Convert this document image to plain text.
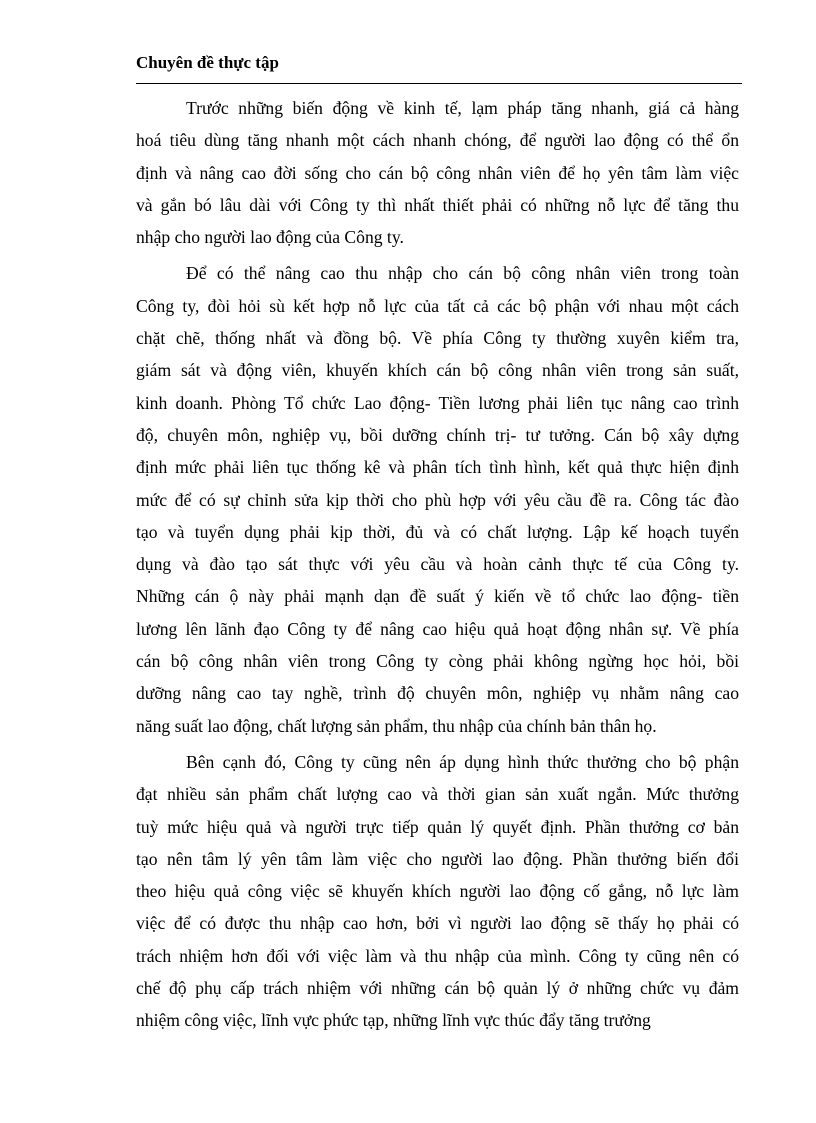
Chuyên đề thực tập
Trước những biến động về kinh tế, lạm pháp tăng nhanh, giá cả hàng
hoá tiêu dùng tăng nhanh một cách nhanh chóng, để người lao động có thể ổn
định và nâng cao đời sống cho cán bộ công nhân viên để họ yên tâm làm việc
và gắn bó lâu dài với Công ty thì nhất thiết phải có những nỗ lực để tăng thu
nhập cho người lao động của Công ty.
Để có thể nâng cao thu nhập cho cán bộ công nhân viên trong toàn
Công ty, đòi hỏi sù kết hợp nỗ lực của tất cả các bộ phận với nhau một cách
chặt chẽ, thống nhất và đồng bộ. Về phía Công ty thường xuyên kiểm tra,
giám sát và động viên, khuyến khích cán bộ công nhân viên trong sản suất,
kinh doanh. Phòng Tổ chức Lao động- Tiền lương phải liên tục nâng cao trình
độ, chuyên môn, nghiệp vụ, bồi dưỡng chính trị- tư tưởng. Cán bộ xây dựng
định mức phải liên tục thống kê và phân tích tình hình, kết quả thực hiện định
mức để có sự chỉnh sửa kịp thời cho phù hợp với yêu cầu đề ra. Công tác đào
tạo và tuyển dụng phải kịp thời, đủ và có chất lượng. Lập kế hoạch tuyển
dụng và đào tạo sát thực với yêu cầu và hoàn cảnh thực tế của Công ty.
Những cán ộ này phải mạnh dạn đề suất ý kiến về tổ chức lao động- tiền
lương lên lãnh đạo Công ty để nâng cao hiệu quả hoạt động nhân sự. Về phía
cán bộ công nhân viên trong Công ty còng phải không ngừng học hỏi, bồi
dưỡng nâng cao tay nghề, trình độ chuyên môn, nghiệp vụ nhằm nâng cao
năng suất lao động, chất lượng sản phẩm, thu nhập của chính bản thân họ.
Bên cạnh đó, Công ty cũng nên áp dụng hình thức thưởng cho bộ phận
đạt nhiều sản phẩm chất lượng cao và thời gian sản xuất ngắn. Mức thưởng
tuỳ mức hiệu quả và người trực tiếp quản lý quyết định. Phần thưởng cơ bản
tạo nên tâm lý yên tâm làm việc cho người lao động. Phần thưởng biến đổi
theo hiệu quả công việc sẽ khuyến khích người lao động cố gắng, nỗ lực làm
việc để có được thu nhập cao hơn, bởi vì người lao động sẽ thấy họ phải có
trách nhiệm hơn đối với việc làm và thu nhập của mình. Công ty cũng nên có
chế độ phụ cấp trách nhiệm với những cán bộ quản lý ở những chức vụ đảm
nhiệm công việc, lĩnh vực phức tạp, những lĩnh vực thúc đẩy tăng trưởng
